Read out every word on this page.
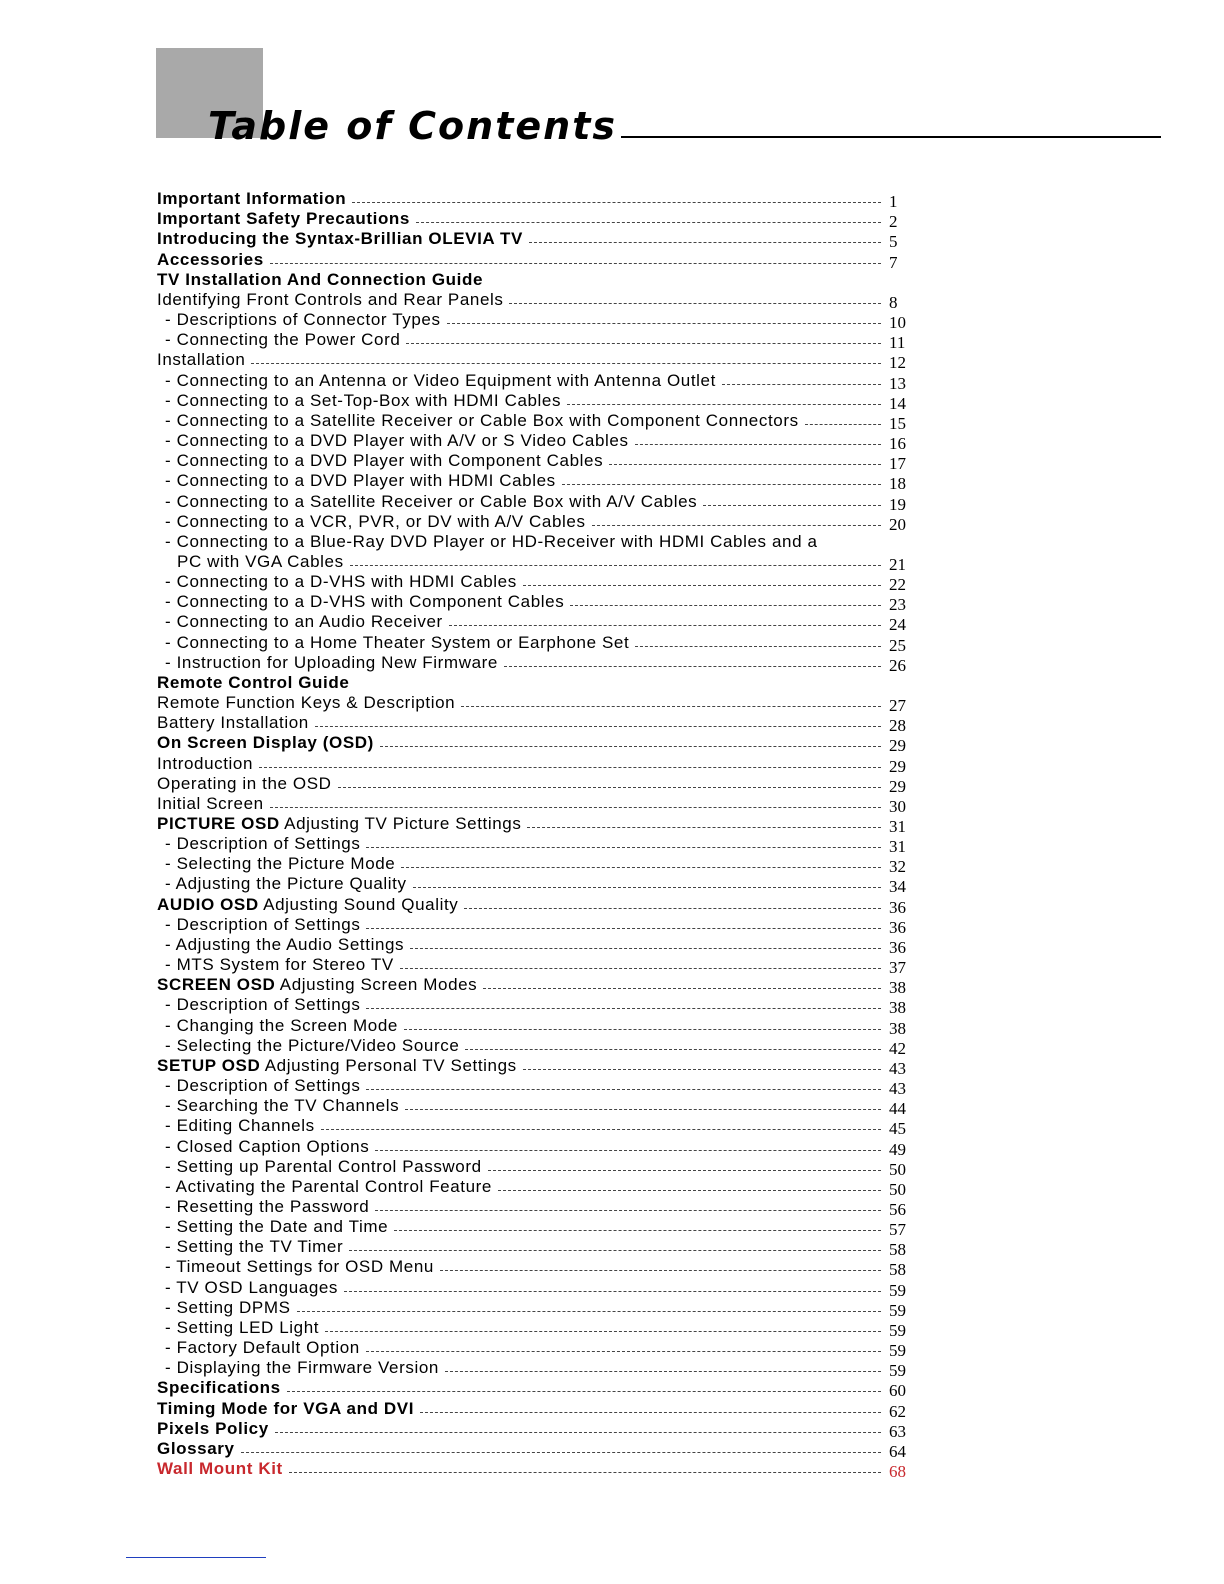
Table of Contents
Important Information	1
Important Safety Precautions	2
Introducing the Syntax-Brillian OLEVIA TV	5
Accessories	7
TV Installation And Connection Guide
Identifying Front Controls and Rear Panels	8
- Descriptions of Connector Types	10
- Connecting the Power Cord	11
Installation	12
- Connecting to an Antenna or Video Equipment with Antenna Outlet	13
- Connecting to a Set-Top-Box with HDMI Cables	14
- Connecting to a Satellite Receiver or Cable Box with Component Connectors	15
- Connecting to a DVD Player with A/V or S Video Cables	16
- Connecting to a DVD Player with Component Cables	17
- Connecting to a DVD Player with HDMI Cables	18
- Connecting to a Satellite Receiver or Cable Box with A/V Cables	19
- Connecting to a VCR, PVR, or DV with A/V Cables	20
- Connecting to a Blue-Ray DVD Player or HD-Receiver with HDMI Cables and a
PC with VGA Cables	21
- Connecting to a D-VHS with HDMI Cables	22
- Connecting to a D-VHS with Component Cables	23
- Connecting to an Audio Receiver	24
- Connecting to a Home Theater System or Earphone Set	25
- Instruction for Uploading New Firmware	26
Remote Control Guide
Remote Function Keys & Description	27
Battery Installation	28
On Screen Display (OSD)	29
Introduction	29
Operating in the OSD	29
Initial Screen	30
PICTURE OSD Adjusting TV Picture Settings	31
- Description of Settings	31
- Selecting the Picture Mode	32
- Adjusting the Picture Quality	34
AUDIO OSD Adjusting Sound Quality	36
- Description of Settings	36
- Adjusting the Audio Settings	36
- MTS System for Stereo TV	37
SCREEN OSD Adjusting Screen Modes	38
- Description of Settings	38
- Changing the Screen Mode	38
- Selecting the Picture/Video Source	42
SETUP OSD Adjusting Personal TV Settings	43
- Description of Settings	43
- Searching the TV Channels	44
- Editing Channels	45
- Closed Caption Options	49
- Setting up Parental Control Password	50
- Activating the Parental Control Feature	50
- Resetting the Password	56
- Setting the Date and Time	57
- Setting the TV Timer	58
- Timeout Settings for OSD Menu	58
- TV OSD Languages	59
- Setting DPMS	59
- Setting LED Light	59
- Factory Default Option	59
- Displaying the Firmware Version	59
Specifications	60
Timing Mode for VGA and DVI	62
Pixels Policy	63
Glossary	64
Wall Mount Kit	68
